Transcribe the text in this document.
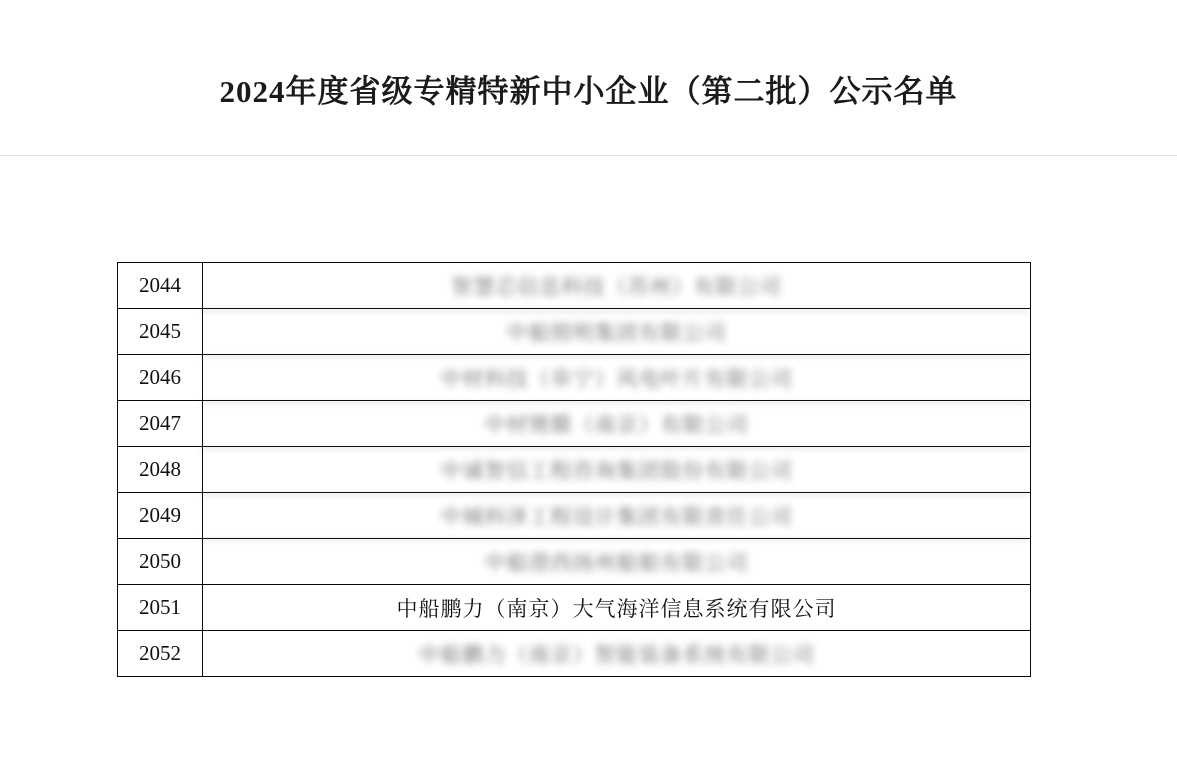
2024年度省级专精特新中小企业（第二批）公示名单
2044	智慧芯信息科技（苏州）有限公司
2045	中船照明集团有限公司
2046	中材科技（阜宁）风电叶片有限公司
2047	中材锂膜（南京）有限公司
2048	中诚智信工程咨询集团股份有限公司
2049	中城科泽工程设计集团有限责任公司
2050	中船澄西扬州船舶有限公司
2051	中船鹏力（南京）大气海洋信息系统有限公司
2052	中船鹏力（南京）智能装备系统有限公司
